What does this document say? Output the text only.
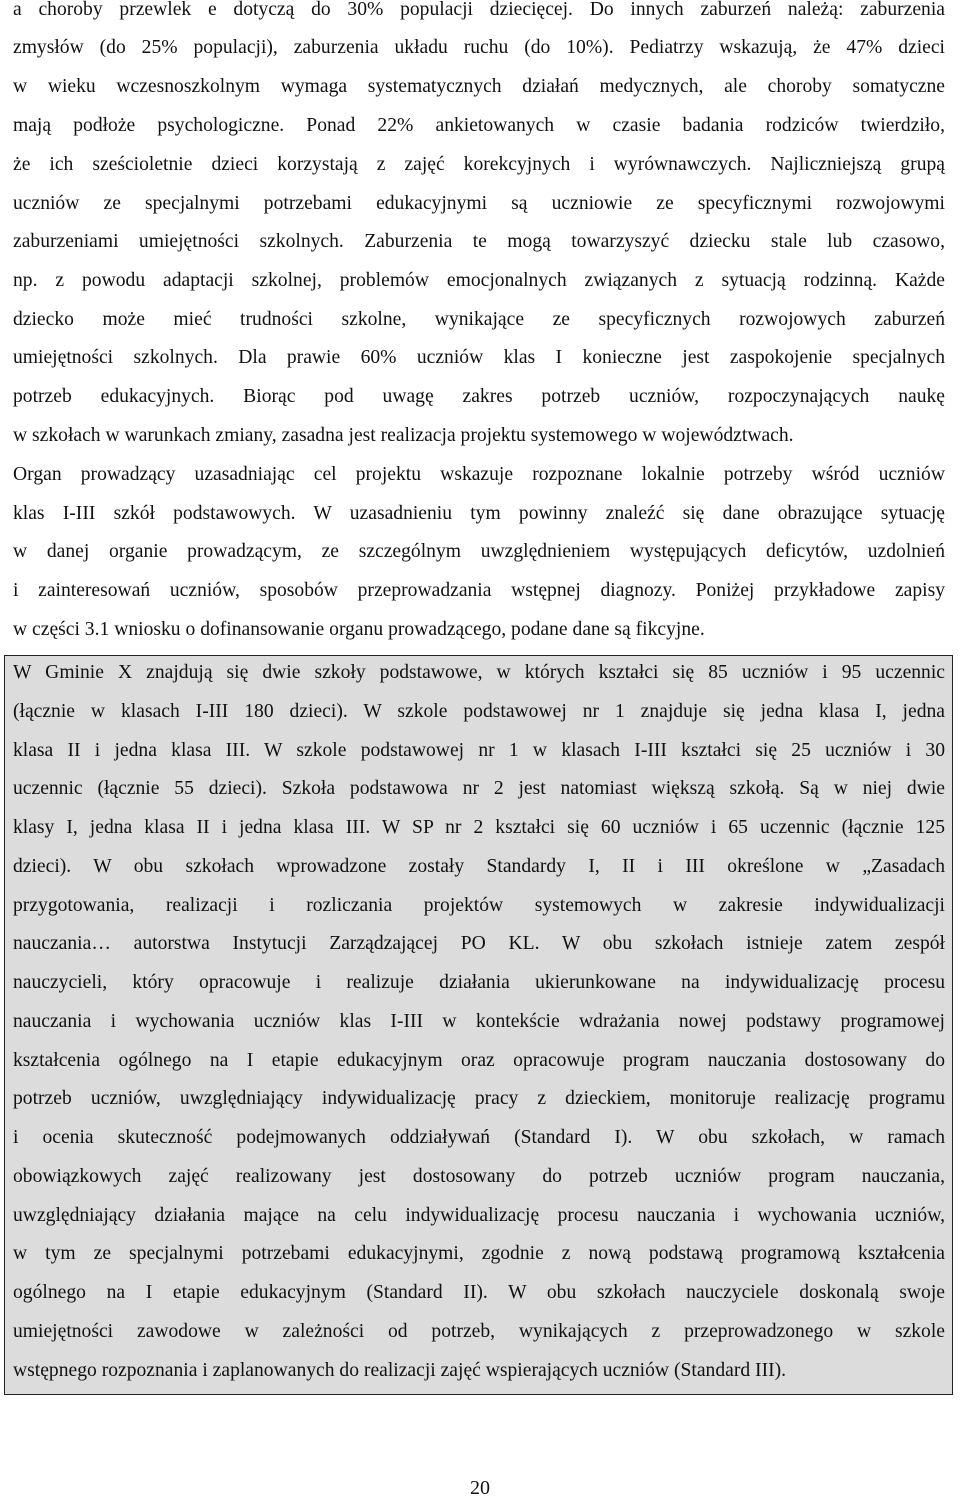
a choroby przewlek e dotyczą do 30% populacji dziecięcej. Do innych zaburzeń należą: zaburzenia
zmysłów (do 25% populacji), zaburzenia układu ruchu (do 10%). Pediatrzy wskazują, że 47% dzieci
w wieku wczesnoszkolnym wymaga systematycznych działań medycznych, ale choroby somatyczne
mają podłoże psychologiczne. Ponad 22% ankietowanych w czasie badania rodziców twierdziło,
że ich sześcioletnie dzieci korzystają z zajęć korekcyjnych i wyrównawczych. Najliczniejszą grupą
uczniów ze specjalnymi potrzebami edukacyjnymi są uczniowie ze specyficznymi rozwojowymi
zaburzeniami umiejętności szkolnych. Zaburzenia te mogą towarzyszyć dziecku stale lub czasowo,
np. z powodu adaptacji szkolnej, problemów emocjonalnych związanych z sytuacją rodzinną. Każde
dziecko może mieć trudności szkolne, wynikające ze specyficznych rozwojowych zaburzeń
umiejętności szkolnych. Dla prawie 60% uczniów klas I konieczne jest zaspokojenie specjalnych
potrzeb edukacyjnych. Biorąc pod uwagę zakres potrzeb uczniów, rozpoczynających naukę
w szkołach w warunkach zmiany, zasadna jest realizacja projektu systemowego w województwach.
Organ prowadzący uzasadniając cel projektu wskazuje rozpoznane lokalnie potrzeby wśród uczniów
klas I-III szkół podstawowych. W uzasadnieniu tym powinny znaleźć się dane obrazujące sytuację
w danej organie prowadzącym, ze szczególnym uwzględnieniem występujących deficytów, uzdolnień
i zainteresowań uczniów, sposobów przeprowadzania wstępnej diagnozy. Poniżej przykładowe zapisy
w części 3.1 wniosku o dofinansowanie organu prowadzącego, podane dane są fikcyjne.
W Gminie X znajdują się dwie szkoły podstawowe, w których kształci się 85 uczniów i 95 uczennic
(łącznie w klasach I-III 180 dzieci). W szkole podstawowej nr 1 znajduje się jedna klasa I, jedna
klasa II i jedna klasa III. W szkole podstawowej nr 1 w klasach I-III kształci się 25 uczniów i 30
uczennic (łącznie 55 dzieci). Szkoła podstawowa nr 2 jest natomiast większą szkołą. Są w niej dwie
klasy I, jedna klasa II i jedna klasa III. W SP nr 2 kształci się 60 uczniów i 65 uczennic (łącznie 125
dzieci). W obu szkołach wprowadzone zostały Standardy I, II i III określone w „Zasadach
przygotowania, realizacji i rozliczania projektów systemowych w zakresie indywidualizacji
nauczania… autorstwa Instytucji Zarządzającej PO KL. W obu szkołach istnieje zatem zespół
nauczycieli, który opracowuje i realizuje działania ukierunkowane na indywidualizację procesu
nauczania i wychowania uczniów klas I-III w kontekście wdrażania nowej podstawy programowej
kształcenia ogólnego na I etapie edukacyjnym oraz opracowuje program nauczania dostosowany do
potrzeb uczniów, uwzględniający indywidualizację pracy z dzieckiem, monitoruje realizację programu
i ocenia skuteczność podejmowanych oddziaływań (Standard I). W obu szkołach, w ramach
obowiązkowych zajęć realizowany jest dostosowany do potrzeb uczniów program nauczania,
uwzględniający działania mające na celu indywidualizację procesu nauczania i wychowania uczniów,
w tym ze specjalnymi potrzebami edukacyjnymi, zgodnie z nową podstawą programową kształcenia
ogólnego na I etapie edukacyjnym (Standard II). W obu szkołach nauczyciele doskonalą swoje
umiejętności zawodowe w zależności od potrzeb, wynikających z przeprowadzonego w szkole
wstępnego rozpoznania i zaplanowanych do realizacji zajęć wspierających uczniów (Standard III).
20
